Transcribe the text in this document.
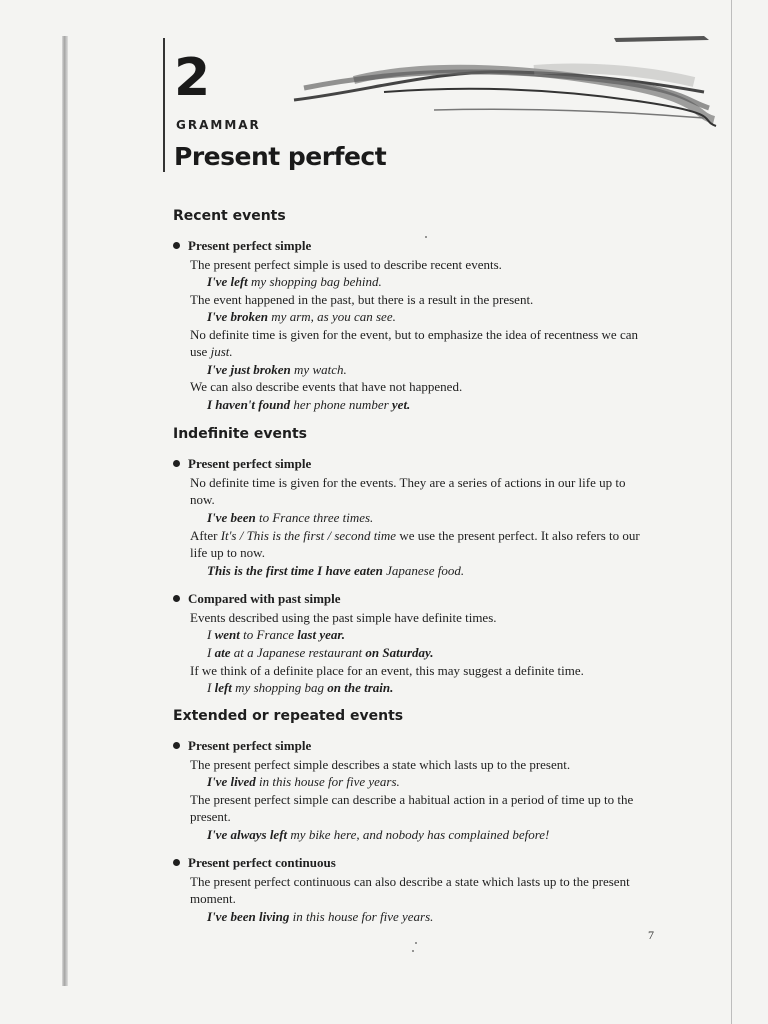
2
GRAMMAR
Present perfect
Recent events
Present perfect simple
The present perfect simple is used to describe recent events.
I've left my shopping bag behind.
The event happened in the past, but there is a result in the present.
I've broken my arm, as you can see.
No definite time is given for the event, but to emphasize the idea of recentness we can
use just.
I've just broken my watch.
We can also describe events that have not happened.
I haven't found her phone number yet.
Indefinite events
Present perfect simple
No definite time is given for the events. They are a series of actions in our life up to
now.
I've been to France three times.
After It's / This is the first / second time we use the present perfect. It also refers to our
life up to now.
This is the first time I have eaten Japanese food.
Compared with past simple
Events described using the past simple have definite times.
I went to France last year.
I ate at a Japanese restaurant on Saturday.
If we think of a definite place for an event, this may suggest a definite time.
I left my shopping bag on the train.
Extended or repeated events
Present perfect simple
The present perfect simple describes a state which lasts up to the present.
I've lived in this house for five years.
The present perfect simple can describe a habitual action in a period of time up to the
present.
I've always left my bike here, and nobody has complained before!
Present perfect continuous
The present perfect continuous can also describe a state which lasts up to the present
moment.
I've been living in this house for five years.
7
